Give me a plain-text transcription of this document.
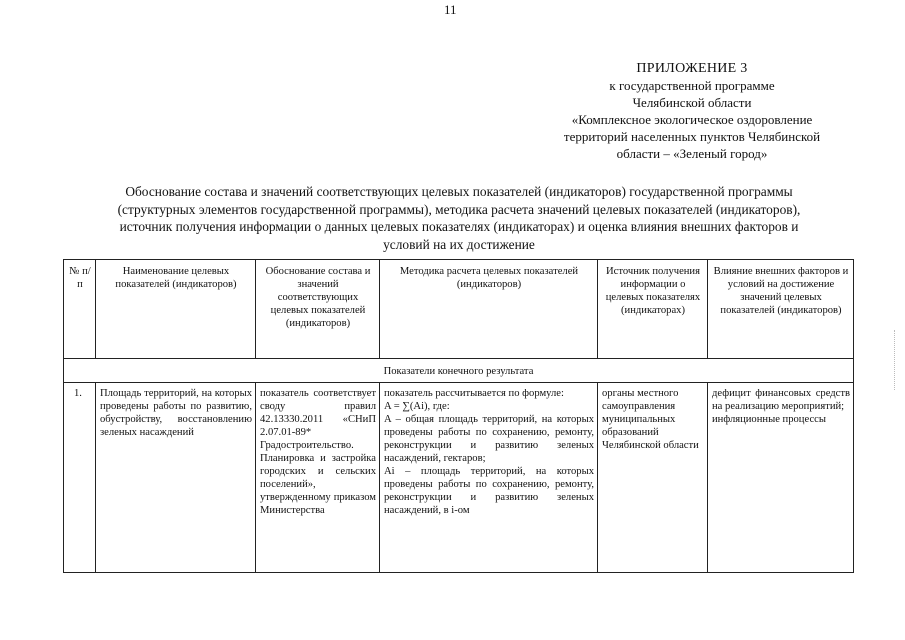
11
ПРИЛОЖЕНИЕ 3
к государственной программе
Челябинской области
«Комплексное экологическое оздоровление
территорий населенных пунктов Челябинской
области – «Зеленый город»
Обоснование состава и значений соответствующих целевых показателей (индикаторов) государственной программы
(структурных элементов государственной программы), методика расчета значений целевых показателей (индикаторов),
источник получения информации о данных целевых показателях (индикаторах) и оценка влияния внешних факторов и
условий на их достижение
№ п/п	Наименование целевых показателей (индикаторов)	Обоснование состава и значений соответствующих целевых показателей (индикаторов)	Методика расчета целевых показателей (индикаторов)	Источник получения информации о целевых показателях (индикаторах)	Влияние внешних факторов и условий на достижение значений целевых показателей (индикаторов)
Показатели конечного результата					
1.	Площадь территорий, на которых проведены работы по развитию, обустройству, восстановлению зеленых насаждений	показатель соответствует своду правил 42.13330.2011 «СНиП 2.07.01-89* Градостроительство. Планировка и застройка городских и сельских поселений», утвержденному приказом Министерства	показатель рассчитывается по формуле:
A = ∑(Ai), где:
A – общая площадь территорий, на которых проведены работы по сохранению, ремонту, реконструкции и развитию зеленых насаждений, гектаров;
Ai – площадь территорий, на которых проведены работы по сохранению, ремонту, реконструкции и развитию зеленых насаждений, в i-ом	органы местного самоуправления муниципальных образований Челябинской области	дефицит финансовых средств на реализацию мероприятий;
инфляционные процессы
